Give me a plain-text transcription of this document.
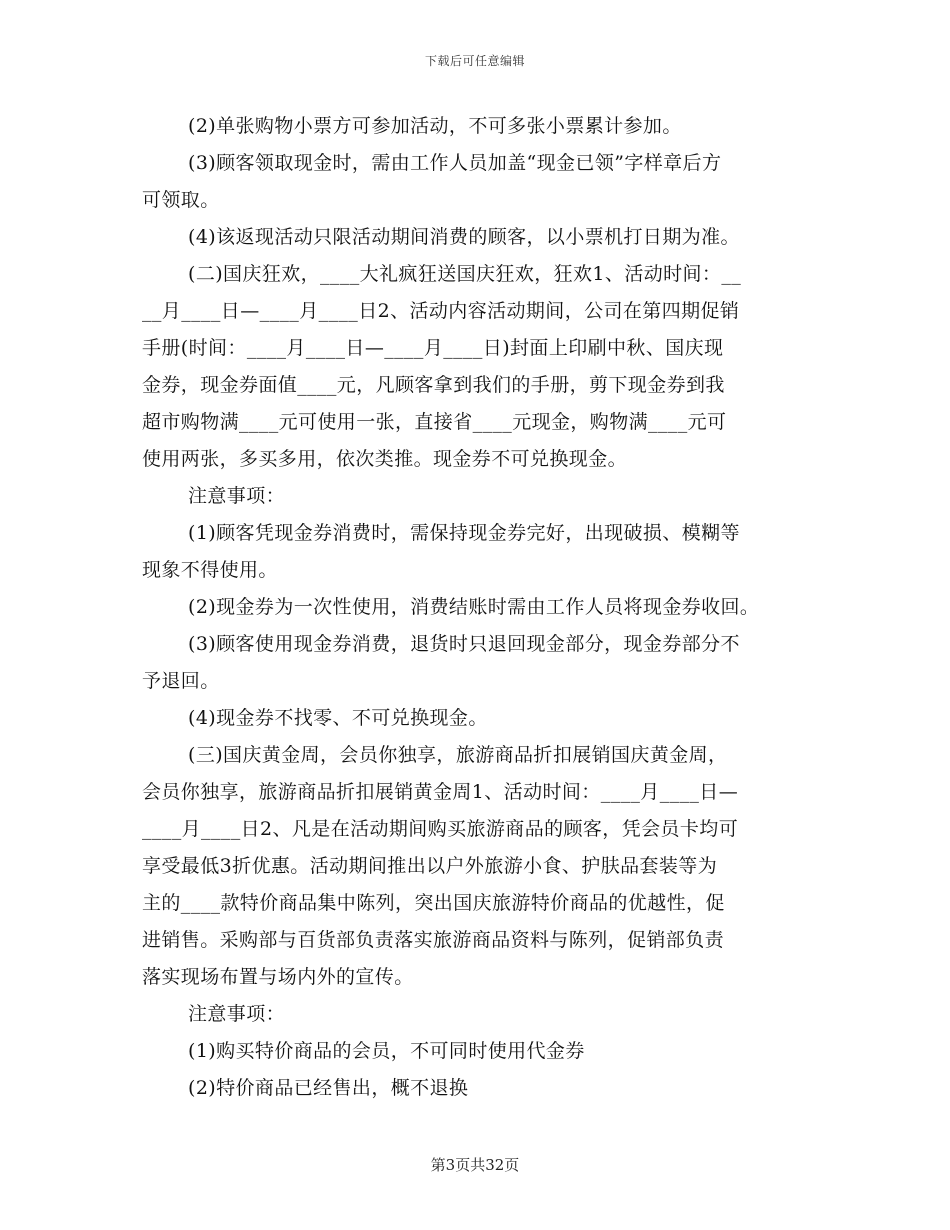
下载后可任意编辑
(2)单张购物小票方可参加活动，不可多张小票累计参加。
(3)顾客领取现金时，需由工作人员加盖“现金已领”字样章后方
可领取。
(4)该返现活动只限活动期间消费的顾客，以小票机打日期为准。
(二)国庆狂欢，____大礼疯狂送国庆狂欢，狂欢1、活动时间：__
__月____日—____月____日2、活动内容活动期间，公司在第四期促销
手册(时间：____月____日—____月____日)封面上印刷中秋、国庆现
金券，现金券面值____元，凡顾客拿到我们的手册，剪下现金券到我
超市购物满____元可使用一张，直接省____元现金，购物满____元可
使用两张，多买多用，依次类推。现金券不可兑换现金。
注意事项：
(1)顾客凭现金券消费时，需保持现金券完好，出现破损、模糊等
现象不得使用。
(2)现金券为一次性使用，消费结账时需由工作人员将现金券收回。
(3)顾客使用现金券消费，退货时只退回现金部分，现金券部分不
予退回。
(4)现金券不找零、不可兑换现金。
(三)国庆黄金周，会员你独享，旅游商品折扣展销国庆黄金周，
会员你独享，旅游商品折扣展销黄金周1、活动时间：____月____日—
____月____日2、凡是在活动期间购买旅游商品的顾客，凭会员卡均可
享受最低3折优惠。活动期间推出以户外旅游小食、护肤品套装等为
主的____款特价商品集中陈列，突出国庆旅游特价商品的优越性，促
进销售。采购部与百货部负责落实旅游商品资料与陈列，促销部负责
落实现场布置与场内外的宣传。
注意事项：
(1)购买特价商品的会员，不可同时使用代金券
(2)特价商品已经售出，概不退换
第3页共32页
